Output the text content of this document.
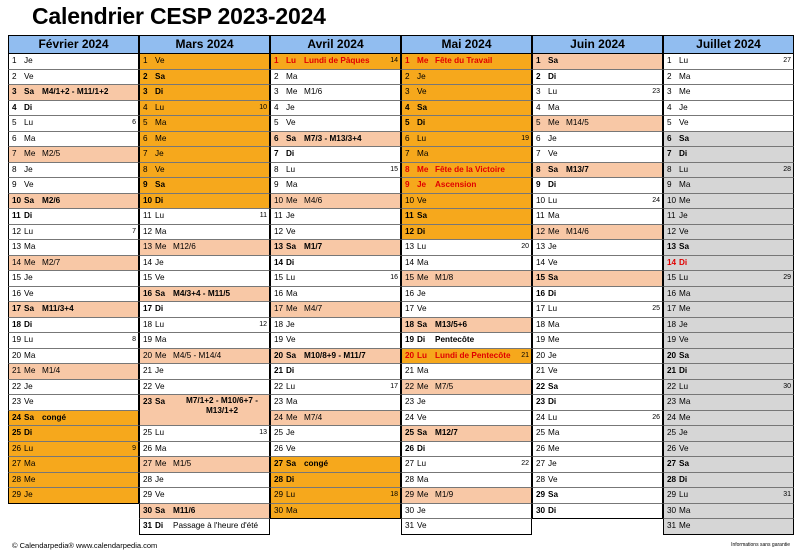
Calendrier CESP 2023-2024
Février 2024
1 Je
2 Ve
3 Sa M4/1+2 - M11/1+2
4 Di
5 Lu	6
6 Ma
7 Me M2/5
8 Je
9 Ve
10 Sa M2/6
11 Di
12 Lu	7
13 Ma
14 Me M2/7
15 Je
16 Ve
17 Sa M11/3+4
18 Di
19 Lu	8
20 Ma
21 Me M1/4
22 Je
23 Ve
24 Sa congé
25 Di
26 Lu	9
27 Ma
28 Me
29 Je
Mars 2024
1 Ve
2 Sa
3 Di
4 Lu	10
5 Ma
6 Me
7 Je
8 Ve
9 Sa
10 Di
11 Lu	11
12 Ma
13 Me M12/6
14 Je
15 Ve
16 Sa M4/3+4 - M11/5
17 Di
18 Lu	12
19 Ma
20 Me M4/5 - M14/4
21 Je
22 Ve
23 Sa	M7/1+2 - M10/6+7 - M13/1+2
25 Lu	13
26 Ma
27 Me M1/5
28 Je
29 Ve
30 Sa M11/6
31 Di Passage à l'heure d'été
Avril 2024
1 Lu Lundi de Pâques	14
2 Ma
3 Me M1/6
4 Je
5 Ve
6 Sa M7/3 - M13/3+4
7 Di
8 Lu	15
9 Ma
10 Me M4/6
11 Je
12 Ve
13 Sa M1/7
14 Di
15 Lu	16
16 Ma
17 Me M4/7
18 Je
19 Ve
20 Sa M10/8+9 - M11/7
21 Di
22 Lu	17
23 Ma
24 Me M7/4
25 Je
26 Ve
27 Sa congé
28 Di
29 Lu	18
30 Ma
Mai 2024
1 Me Fête du Travail
2 Je
3 Ve
4 Sa
5 Di
6 Lu	19
7 Ma
8 Me Fête de la Victoire
9 Je Ascension
10 Ve
11 Sa
12 Di
13 Lu	20
14 Ma
15 Me M1/8
16 Je
17 Ve
18 Sa M13/5+6
19 Di Pentecôte
20 Lu Lundi de Pentecôte 21
21 Ma
22 Me M7/5
23 Je
24 Ve
25 Sa M12/7
26 Di
27 Lu	22
28 Ma
29 Me M1/9
30 Je
31 Ve
Juin 2024
1 Sa
2 Di
3 Lu	23
4 Ma
5 Me M14/5
6 Je
7 Ve
8 Sa M13/7
9 Di
10 Lu	24
11 Ma
12 Me M14/6
13 Je
14 Ve
15 Sa
16 Di
17 Lu	25
18 Ma
19 Me
20 Je
21 Ve
22 Sa
23 Di
24 Lu	26
25 Ma
26 Me
27 Je
28 Ve
29 Sa
30 Di
Juillet 2024
1 Lu	27
2 Ma
3 Me
4 Je
5 Ve
6 Sa
7 Di
8 Lu	28
9 Ma
10 Me
11 Je
12 Ve
13 Sa
14 Di
15 Lu	29
16 Ma
17 Me
18 Je
19 Ve
20 Sa
21 Di
22 Lu	30
23 Ma
24 Me
25 Je
26 Ve
27 Sa
28 Di
29 Lu	31
30 Ma
31 Me
© Calendarpedia® www.calendarpedia.com	Informations sans garantie
